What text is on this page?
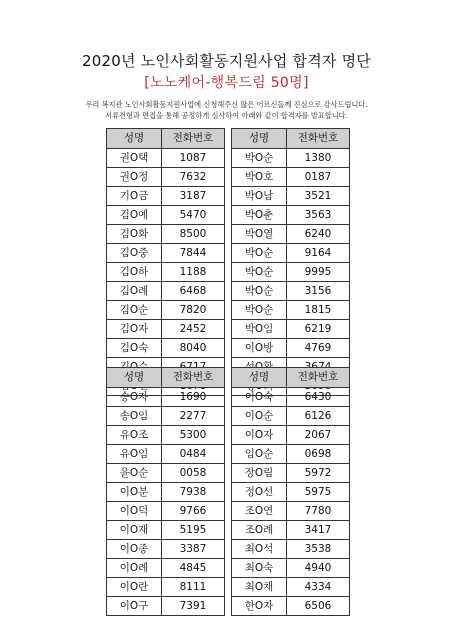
2020년 노인사회활동지원사업 합격자 명단
[노노케어-행복드림 50명]
우리 복지관 노인사회활동지원사업에 신청해주신 많은 어르신들께 진심으로 감사드립니다.
서류전형과 면접을 통해 공정하게 심사하여 아래와 같이 합격자를 발표합니다.
성명	전화번호
권O택	1087
권O정	7632
기O금	3187
김O예	5470
김O화	8500
김O중	7844
김O하	1188
김O례	6468
김O순	7820
김O자	2452
김O숙	8040

성명	전화번호
박O순	1380
박O호	0187
박O남	3521
박O춘	3563
박O열	6240
박O순	9164
박O순	9995
박O순	3156
박O순	1815
박O임	6219
이O방	4769

성명	전화번호
송O자	1690
송O임	2277
유O조	5300
유O임	0484
윤O순	0058
이O분	7938
이O덕	9766
이O재	5195
이O종	3387
이O례	4845
이O란	8111
이O구	7391
성명	전화번호
이O숙	6430
이O순	6126
이O자	2067
임O순	0698
장O림	5972
정O선	5975
조O연	7780
조O례	3417
최O석	3538
최O숙	4940
최O채	4334
한O자	6506
